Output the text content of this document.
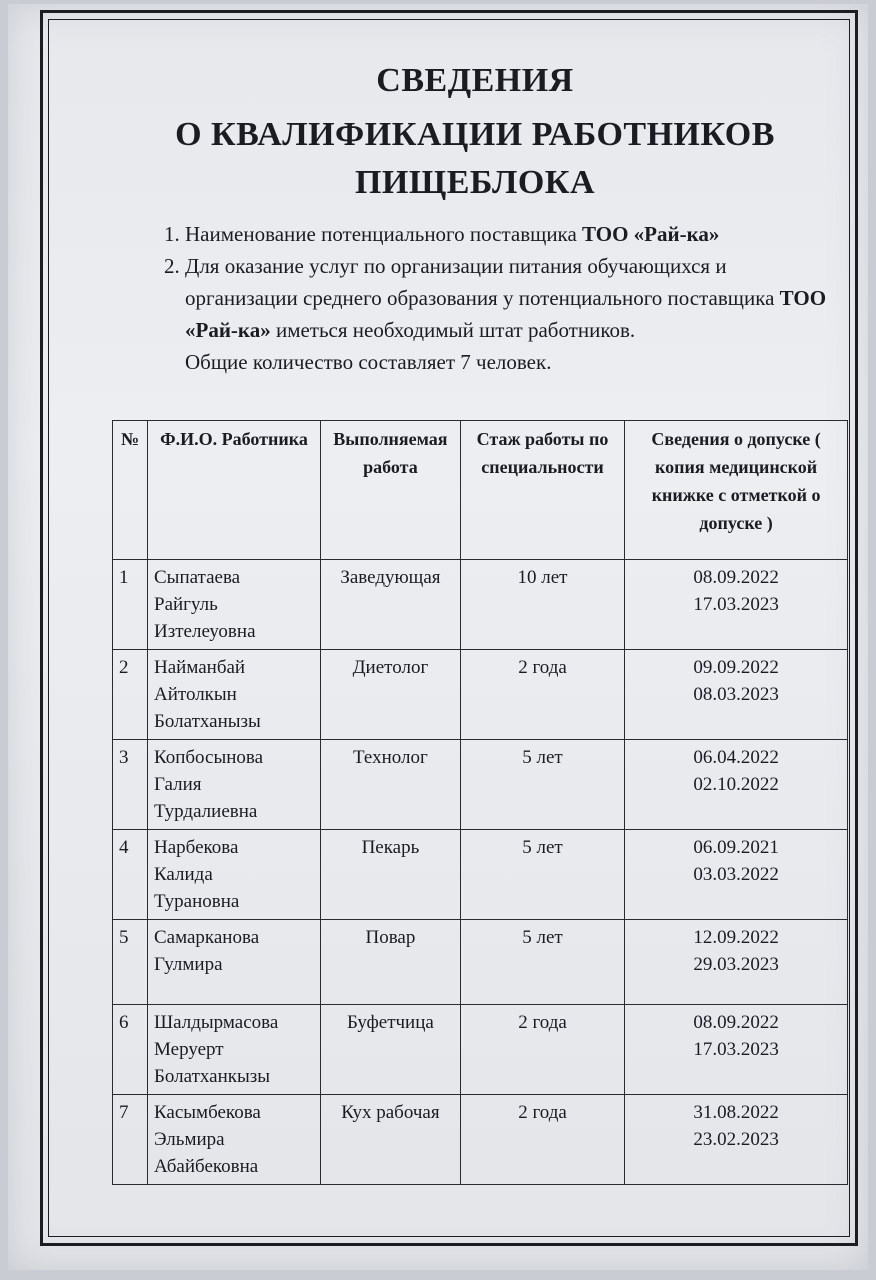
СВЕДЕНИЯ
О КВАЛИФИКАЦИИ РАБОТНИКОВ
ПИЩЕБЛОКА
1. Наименование потенциального поставщика ТОО «Рай-ка»
2. Для оказание услуг по организации питания обучающихся и организации среднего образования у потенциального поставщика ТОО «Рай-ка» иметься необходимый штат работников.
Общие количество составляет 7 человек.
№	Ф.И.О. Работника	Выполняемая работа	Стаж работы по специальности	Сведения о допуске ( копия медицинской книжке с отметкой о допуске )
1	Сыпатаева
Райгуль
Изтелеуовна	Заведующая	10 лет	08.09.2022
17.03.2023

2	Найманбай
Айтолкын
Болатханызы	Диетолог	2 года	09.09.2022
08.03.2023

3	Копбосынова
Галия
Турдалиевна	Технолог	5 лет	06.04.2022
02.10.2022

4	Нарбекова
Калида
Турановна	Пекарь	5 лет	06.09.2021
03.03.2022

5	Самарканова
Гулмира	Повар	5 лет	12.09.2022
29.03.2023

6	Шалдырмасова
Меруерт
Болатханкызы	Буфетчица	2 года	08.09.2022
17.03.2023

7	Касымбекова
Эльмира
Абайбековна	Кух рабочая	2 года	31.08.2022
23.02.2023
